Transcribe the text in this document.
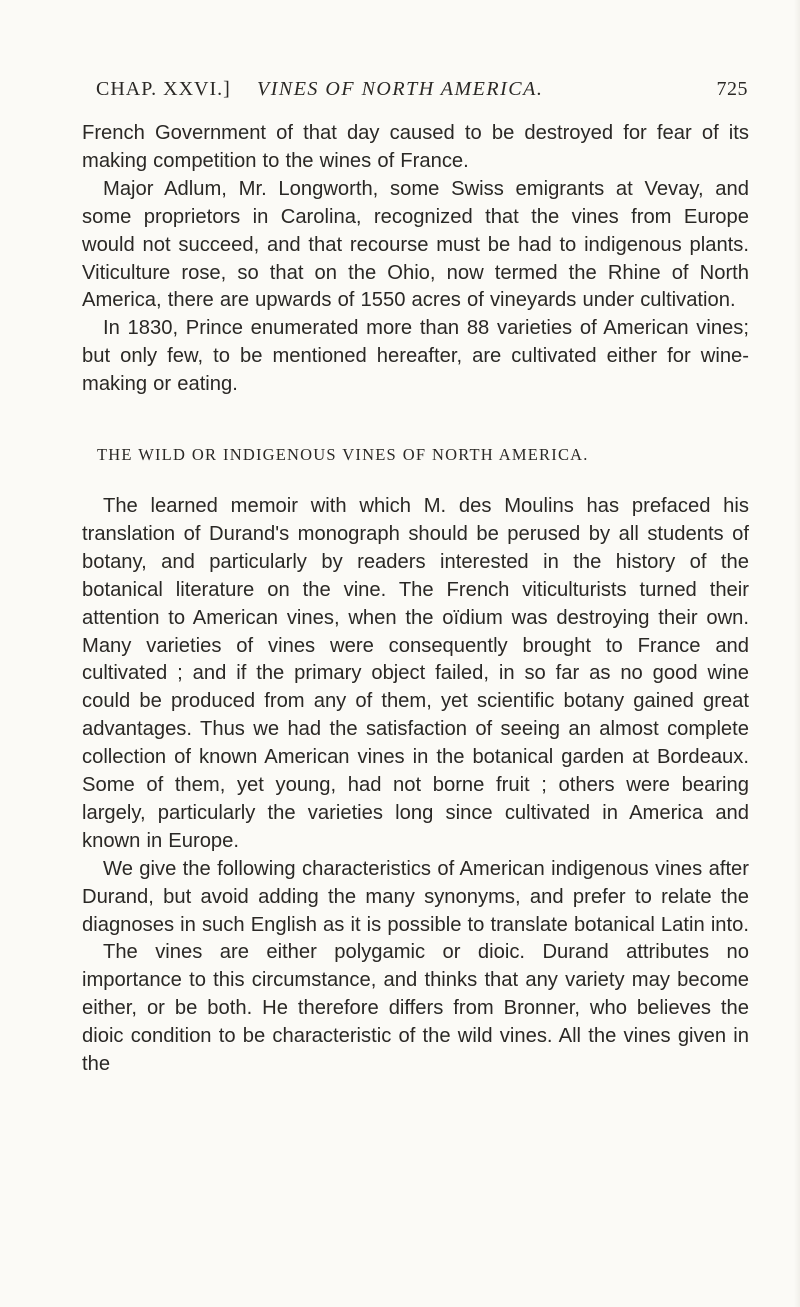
CHAP. XXVI.] VINES OF NORTH AMERICA.	725

French Government of that day caused to be destroyed for fear of its making competition to the wines of France.

Major Adlum, Mr. Longworth, some Swiss emigrants at Vevay, and some proprietors in Carolina, recognized that the vines from Europe would not succeed, and that recourse must be had to indigenous plants. Viticulture rose, so that on the Ohio, now termed the Rhine of North America, there are upwards of 1550 acres of vineyards under cultivation.

In 1830, Prince enumerated more than 88 varieties of American vines; but only few, to be mentioned hereafter, are cultivated either for wine-making or eating.

THE WILD OR INDIGENOUS VINES OF NORTH AMERICA.

The learned memoir with which M. des Moulins has prefaced his translation of Durand's monograph should be perused by all students of botany, and particularly by readers interested in the history of the botanical literature on the vine. The French viticulturists turned their attention to American vines, when the oïdium was destroying their own. Many varieties of vines were consequently brought to France and cultivated ; and if the primary object failed, in so far as no good wine could be produced from any of them, yet scientific botany gained great advantages. Thus we had the satisfaction of seeing an almost complete collection of known American vines in the botanical garden at Bordeaux. Some of them, yet young, had not borne fruit ; others were bearing largely, particularly the varieties long since cultivated in America and known in Europe.

We give the following characteristics of American indigenous vines after Durand, but avoid adding the many synonyms, and prefer to relate the diagnoses in such English as it is possible to translate botanical Latin into.

The vines are either polygamic or dioic. Durand attributes no importance to this circumstance, and thinks that any variety may become either, or be both. He therefore differs from Bronner, who believes the dioic condition to be characteristic of the wild vines. All the vines given in the
